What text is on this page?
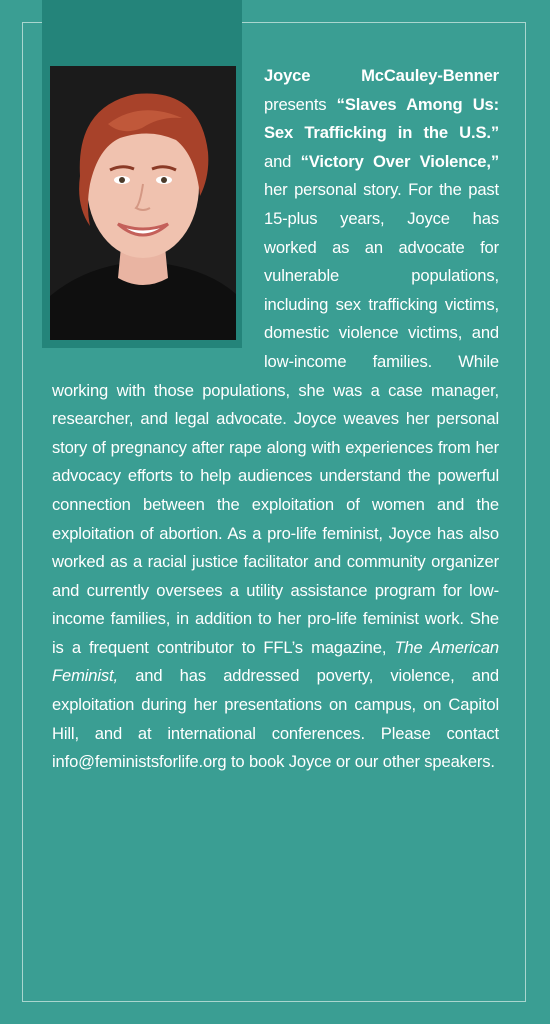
Joyce McCauley-Benner presents “Slaves Among Us: Sex Trafficking in the U.S.” and “Victory Over Violence,” her personal story. For the past 15-plus years, Joyce has worked as an advocate for vulnerable populations, including sex trafficking victims, domestic violence victims, and low-income families. While working with those populations, she was a case manager, researcher, and legal advocate. Joyce weaves her personal story of pregnancy after rape along with experiences from her advocacy efforts to help audiences understand the powerful connection between the exploitation of women and the exploitation of abortion. As a pro-life feminist, Joyce has also worked as a racial justice facilitator and community organizer and currently oversees a utility assistance program for low-income families, in addition to her pro-life feminist work. She is a frequent contributor to FFL’s magazine, The American Feminist, and has addressed poverty, violence, and exploitation during her presentations on campus, on Capitol Hill, and at international conferences. Please contact info@feministsforlife.org to book Joyce or our other speakers.
